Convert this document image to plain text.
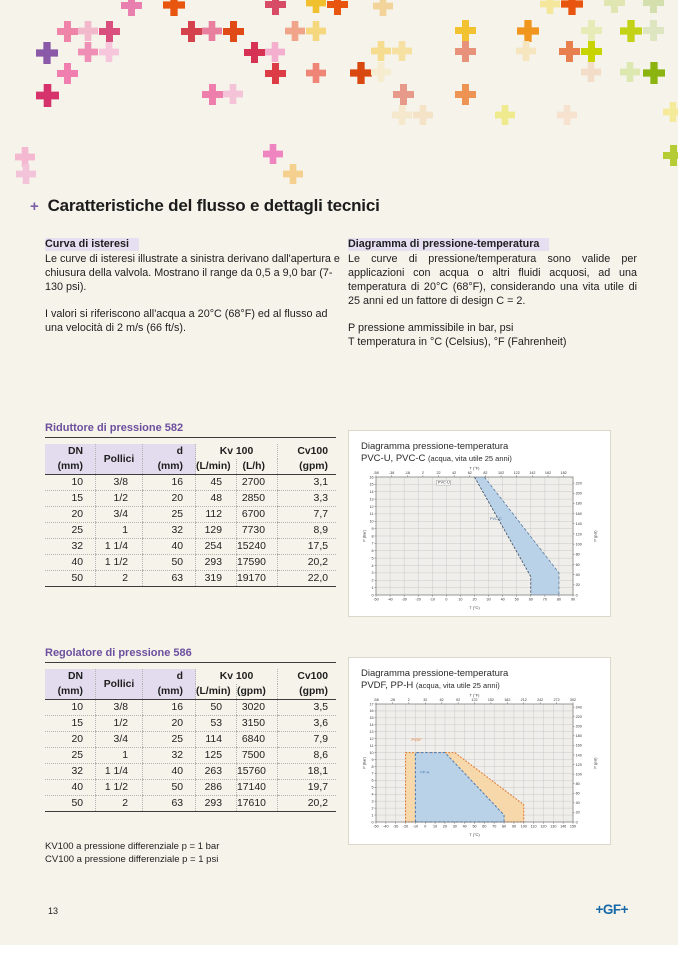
+ Caratteristiche del flusso e dettagli tecnici
Curva di isteresi

Le curve di isteresi illustrate a sinistra derivano dall'apertura e chiusura della valvola. Mostrano il range da 0,5 a 9,0 bar (7-130 psi).

I valori si riferiscono all'acqua a 20°C (68°F) ed al flusso ad una velocità di 2 m/s (66 ft/s).

Diagramma di pressione-temperatura

Le curve di pressione/temperatura sono valide per applicazioni con acqua o altri fluidi acquosi, ad una temperatura di 20°C (68°F), considerando una vita utile di 25 anni ed un fattore di design C = 2.

P pressione ammissibile in bar, psi

T temperatura in °C (Celsius), °F (Fahrenheit)

Riduttore di pressione 582
DN	Pollici	d	Kv 100		Cv100
(mm)		(mm)	(L/min)	(L/h)	(gpm)
10	3/8	16	45	2700	3,1
15	1/2	20	48	2850	3,3
20	3/4	25	112	6700	7,7
25	1	32	129	7730	8,9
32	1 1/4	40	254	15240	17,5
40	1 1/2	50	293	17590	20,2
50	2	63	319	19170	22,0
Regolatore di pressione 586
DN	Pollici	d	Kv 100		Cv100
(mm)		(mm)	(L/min)	(gpm)	(gpm)
10	3/8	16	50	3020	3,5
15	1/2	20	53	3150	3,6
20	3/4	25	114	6840	7,9
25	1	32	125	7500	8,6
32	1 1/4	40	263	15760	18,1
40	1 1/2	50	286	17140	19,7
50	2	63	293	17610	20,2
Diagramma pressione-temperatura
PVC-U, PVC-C (acqua, vita utile 25 anni)
0
1
2
3
4
5
6
7
8
9
10
11
12
13
14
15
16
0
20
40
60
80
100
120
140
160
180
200
220
-58	-38	-18	2	22	42	62	82	102	122	142	162	182
-50 -40 -30 -20 -10	0	10	20	30	40	50	60	70	80	90
T (°F)
T (°C)
P (bar)	P (psi)
PVC-U
PVC-C
Diagramma pressione-temperatura
PVDF, PP-H (acqua, vita utile 25 anni)
0
1
2
3
4
5
6
7
8
9
10
11
12
13
14
15
16
17
0
20
40
60
80
100
120
140
160
180
200
220
240
-58	-28	2	32	62	92	122	152	182	212	242	272	302
-50 -40 -30 -20 -10 0 10 20 30 40 50 60 70 80 90 100 110 120 130 140 150
T (°F)
T (°C)
P (bar)	P (psi)
PVDF
PP-H
KV100 a pressione differenziale p = 1 bar
CV100 a pressione differenziale p = 1 psi
13	+GF+
